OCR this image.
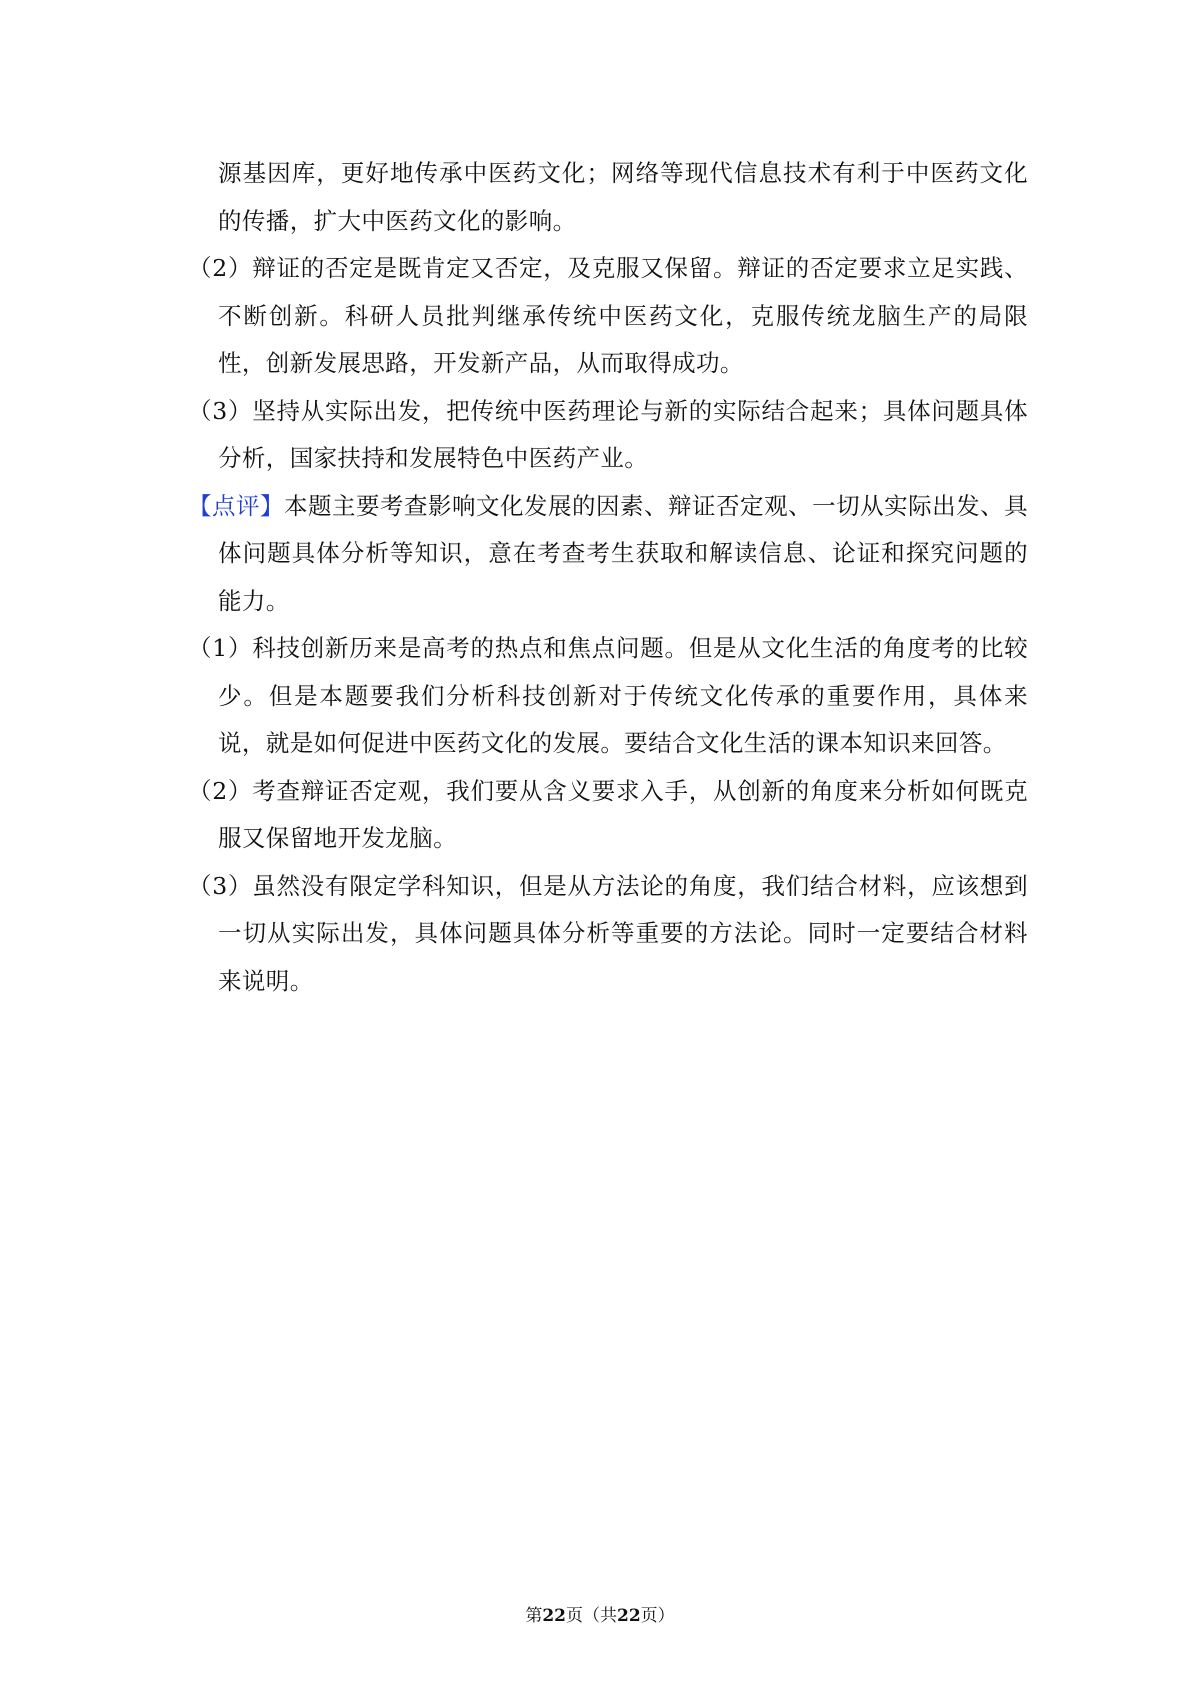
源基因库，更好地传承中医药文化；网络等现代信息技术有利于中医药文化的传播，扩大中医药文化的影响。
（2）辩证的否定是既肯定又否定，及克服又保留。辩证的否定要求立足实践、不断创新。科研人员批判继承传统中医药文化，克服传统龙脑生产的局限性，创新发展思路，开发新产品，从而取得成功。
（3）坚持从实际出发，把传统中医药理论与新的实际结合起来；具体问题具体分析，国家扶持和发展特色中医药产业。
【点评】本题主要考查影响文化发展的因素、辩证否定观、一切从实际出发、具体问题具体分析等知识，意在考查考生获取和解读信息、论证和探究问题的能力。
（1）科技创新历来是高考的热点和焦点问题。但是从文化生活的角度考的比较少。但是本题要我们分析科技创新对于传统文化传承的重要作用，具体来说，就是如何促进中医药文化的发展。要结合文化生活的课本知识来回答。
（2）考查辩证否定观，我们要从含义要求入手，从创新的角度来分析如何既克服又保留地开发龙脑。
（3）虽然没有限定学科知识，但是从方法论的角度，我们结合材料，应该想到一切从实际出发，具体问题具体分析等重要的方法论。同时一定要结合材料来说明。
第22页（共22页）
